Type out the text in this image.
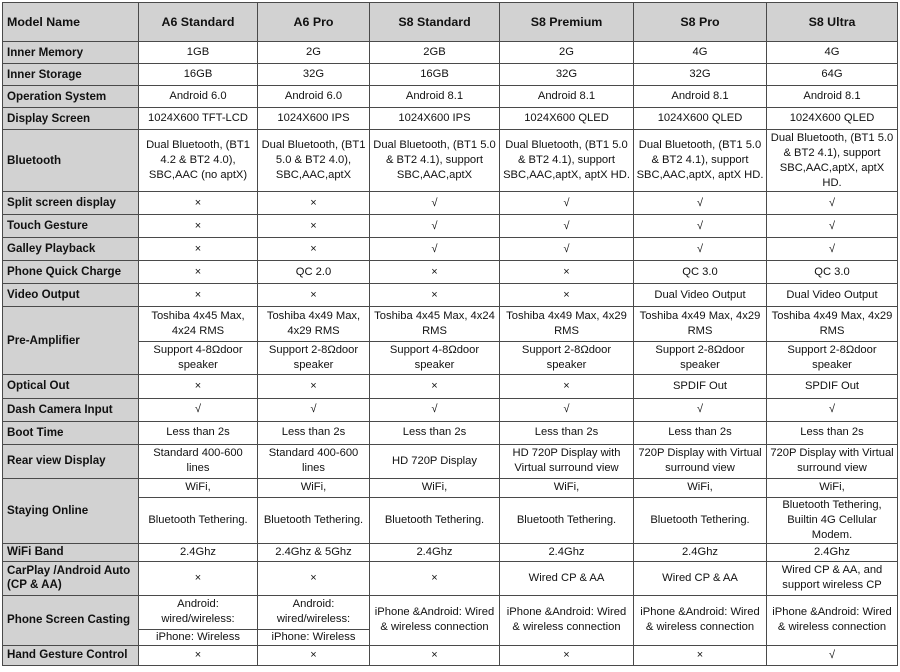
Model Name	A6 Standard	A6 Pro	S8 Standard	S8 Premium	S8 Pro	S8 Ultra
Inner Memory	1GB	2G	2GB	2G	4G	4G
Inner Storage	16GB	32G	16GB	32G	32G	64G
Operation System	Android 6.0	Android 6.0	Android 8.1	Android 8.1	Android 8.1	Android 8.1
Display Screen	1024X600 TFT-LCD	1024X600 IPS	1024X600 IPS	1024X600 QLED	1024X600 QLED	1024X600 QLED
Bluetooth	Dual Bluetooth, (BT1 4.2 & BT2 4.0), SBC,AAC (no aptX)	Dual Bluetooth, (BT1 5.0 & BT2 4.0), SBC,AAC,aptX	Dual Bluetooth, (BT1 5.0 & BT2 4.1), support SBC,AAC,aptX	Dual Bluetooth, (BT1 5.0 & BT2 4.1), support SBC,AAC,aptX, aptX HD.	Dual Bluetooth, (BT1 5.0 & BT2 4.1), support SBC,AAC,aptX, aptX HD.	Dual Bluetooth, (BT1 5.0 & BT2 4.1), support SBC,AAC,aptX, aptX HD.
Split screen display	×	×	√	√	√	√
Touch Gesture	×	×	√	√	√	√
Galley Playback	×	×	√	√	√	√
Phone Quick Charge	×	QC 2.0	×	×	QC 3.0	QC 3.0
Video Output	×	×	×	×	Dual Video Output	Dual Video Output
Pre-Amplifier	Toshiba 4x45 Max, 4x24 RMS	Toshiba 4x49 Max, 4x29 RMS	Toshiba 4x45 Max, 4x24 RMS	Toshiba 4x49 Max, 4x29 RMS	Toshiba 4x49 Max, 4x29 RMS	Toshiba 4x49 Max, 4x29 RMS
	Support 4-8Ωdoor speaker	Support 2-8Ωdoor speaker	Support 4-8Ωdoor speaker	Support 2-8Ωdoor speaker	Support 2-8Ωdoor speaker	Support 2-8Ωdoor speaker
Optical Out	×	×	×	×	SPDIF Out	SPDIF Out
Dash Camera Input	√	√	√	√	√	√
Boot Time	Less than 2s	Less than 2s	Less than 2s	Less than 2s	Less than 2s	Less than 2s
Rear view Display	Standard 400-600 lines	Standard 400-600 lines	HD 720P Display	HD 720P Display with Virtual surround view	720P Display with Virtual surround view	720P Display with Virtual surround view
Staying Online	WiFi,	WiFi,	WiFi,	WiFi,	WiFi,	WiFi,
	Bluetooth Tethering.	Bluetooth Tethering.	Bluetooth Tethering.	Bluetooth Tethering.	Bluetooth Tethering.	Bluetooth Tethering, Builtin 4G Cellular Modem.
WiFi Band	2.4Ghz	2.4Ghz & 5Ghz	2.4Ghz	2.4Ghz	2.4Ghz	2.4Ghz
CarPlay /Android Auto (CP & AA)	×	×	×	Wired CP & AA	Wired CP & AA	Wired CP & AA, and support wireless CP
Phone Screen Casting	Android: wired/wireless:	Android: wired/wireless:	iPhone &Android: Wired & wireless connection	iPhone &Android: Wired & wireless connection	iPhone &Android: Wired & wireless connection	iPhone &Android: Wired & wireless connection
	iPhone: Wireless	iPhone: Wireless				
Hand Gesture Control	×	×	×	×	×	√
